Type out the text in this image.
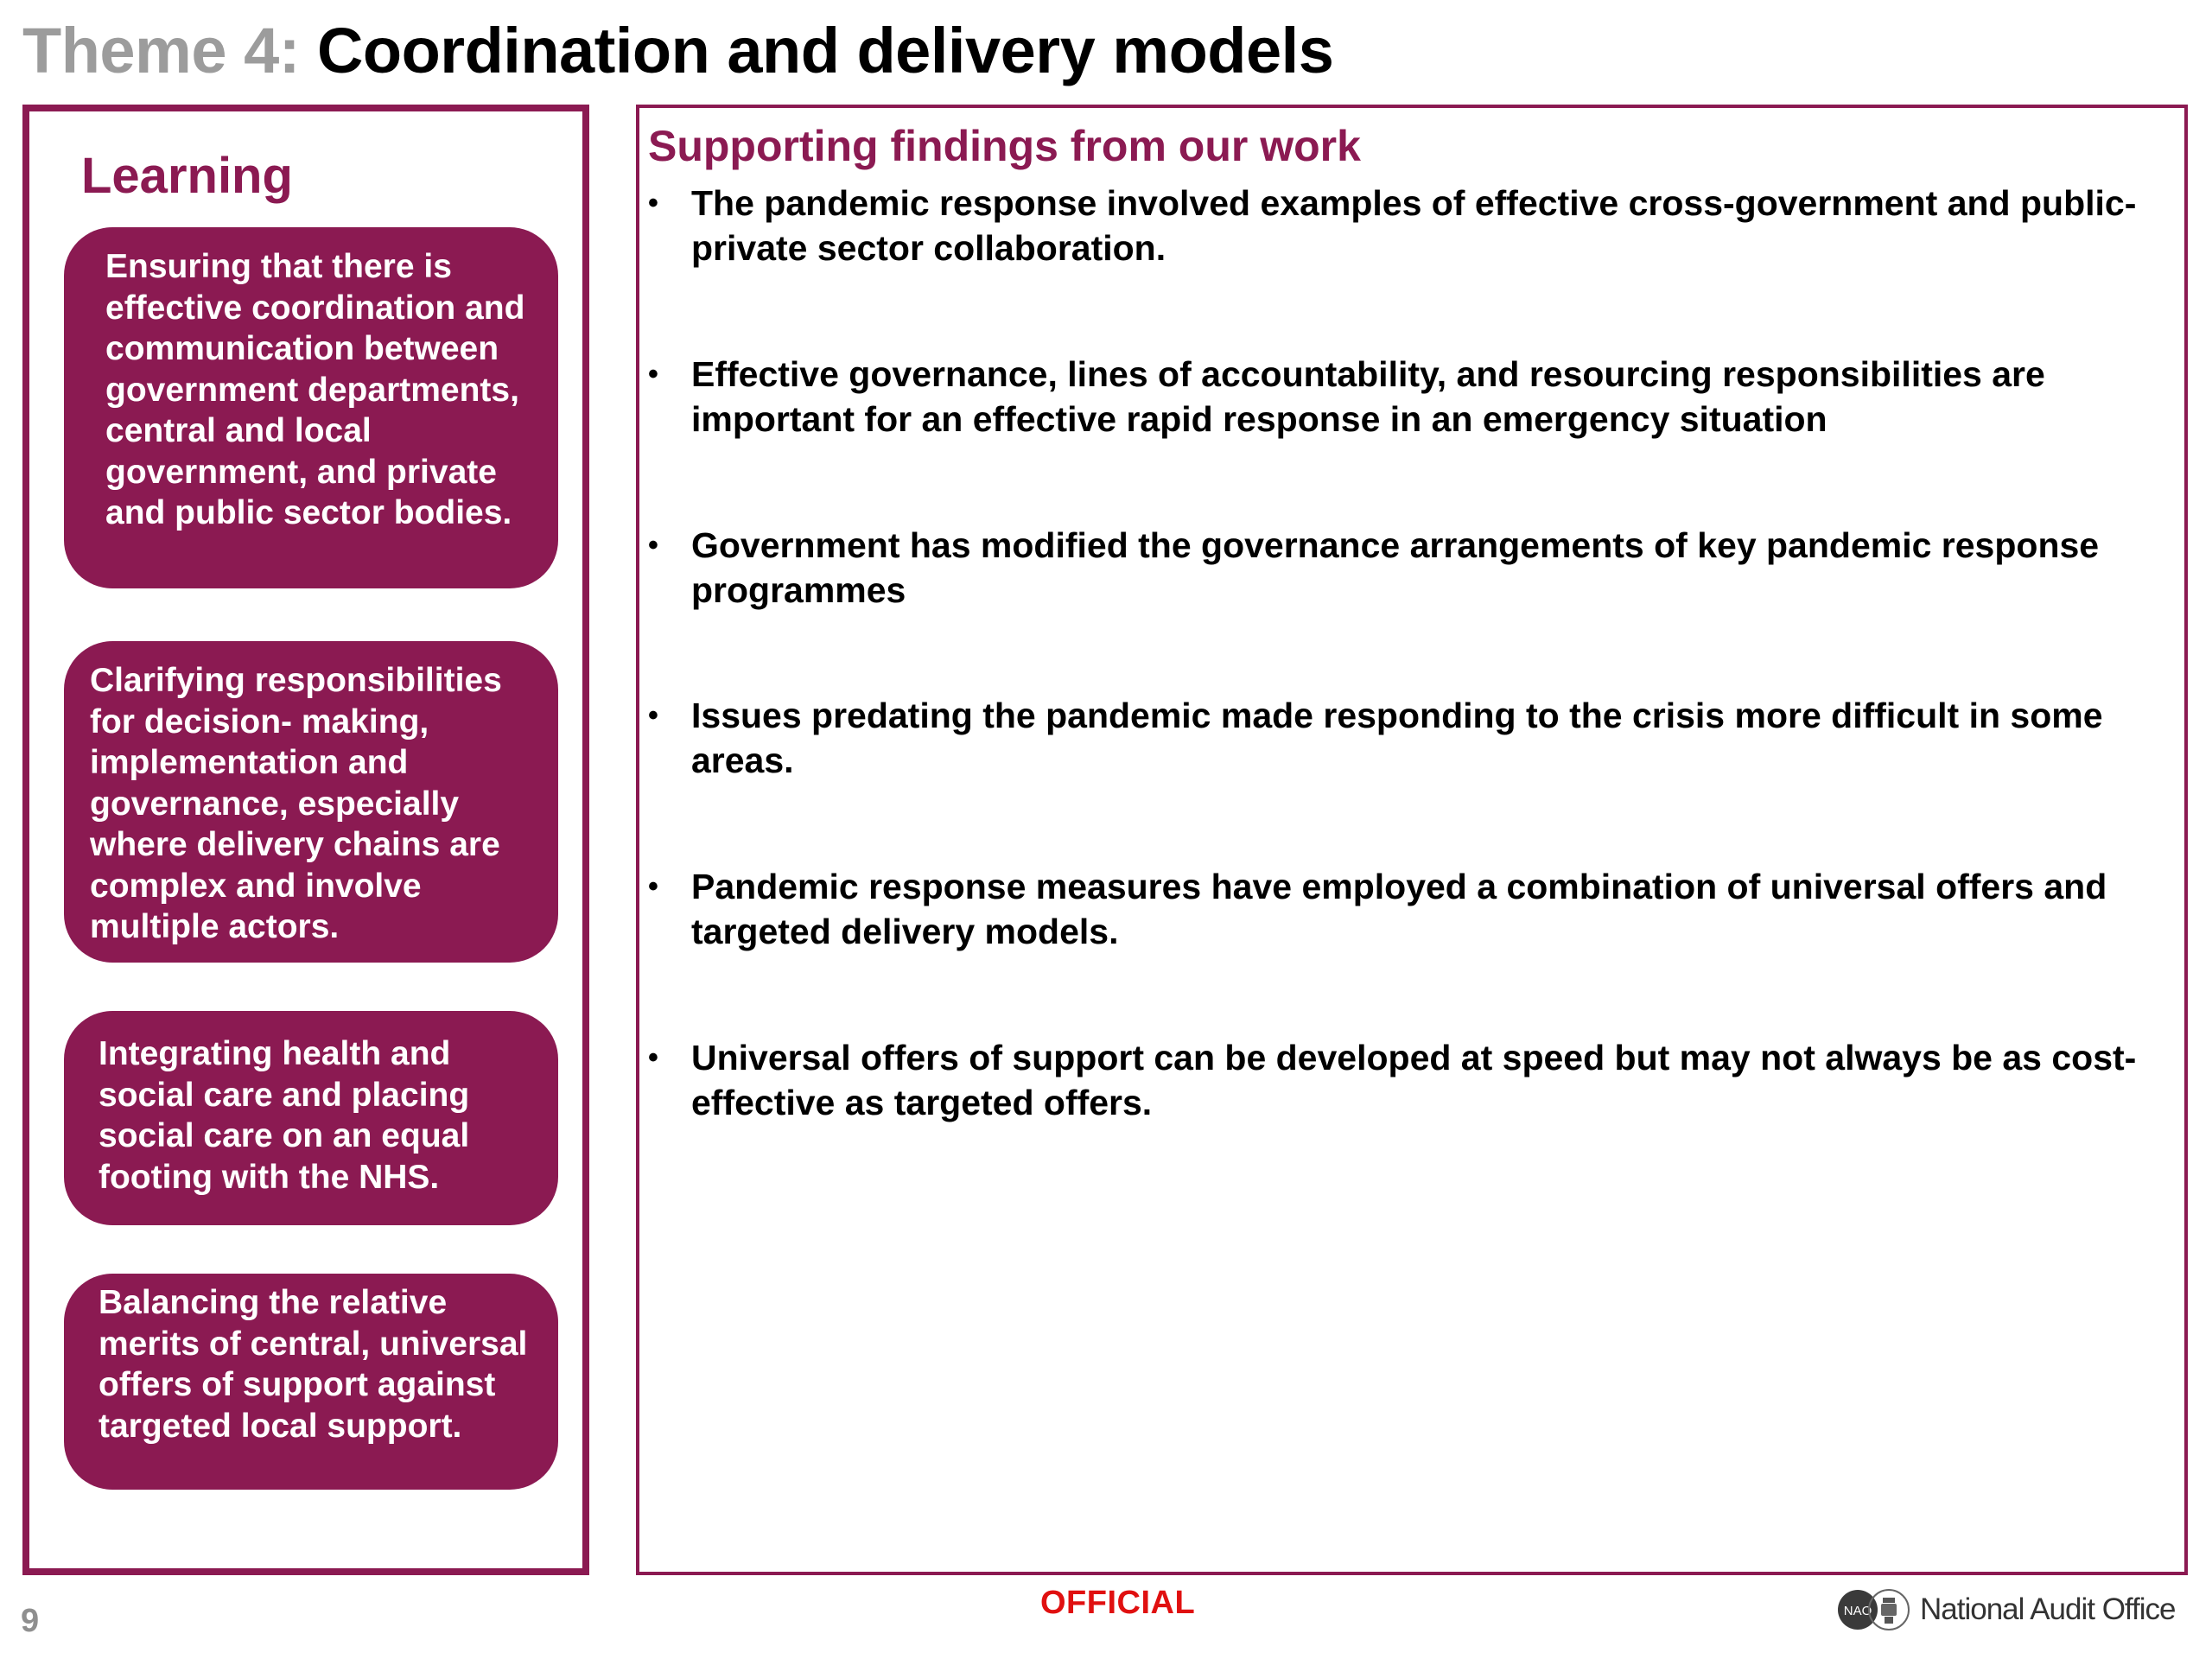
Theme 4: Coordination and delivery models
Learning
Ensuring that there is effective coordination and communication between government departments, central and local government, and private and public sector bodies.
Clarifying responsibilities for decision- making, implementation and governance, especially where delivery chains are complex and involve multiple actors.
Integrating health and social care and placing social care on an equal footing with the NHS.
Balancing the relative merits of central, universal offers of support against targeted local support.
Supporting findings from our work
• The pandemic response involved examples of effective cross-government and public-private sector collaboration.
• Effective governance, lines of accountability, and resourcing responsibilities are important for an effective rapid response in an emergency situation
• Government has modified the governance arrangements of key pandemic response programmes
• Issues predating the pandemic made responding to the crisis more difficult in some areas.
• Pandemic response measures have employed a combination of universal offers and targeted delivery models.
• Universal offers of support can be developed at speed but may not always be as cost-effective as targeted offers.
9	OFFICIAL	NAO National Audit Office
